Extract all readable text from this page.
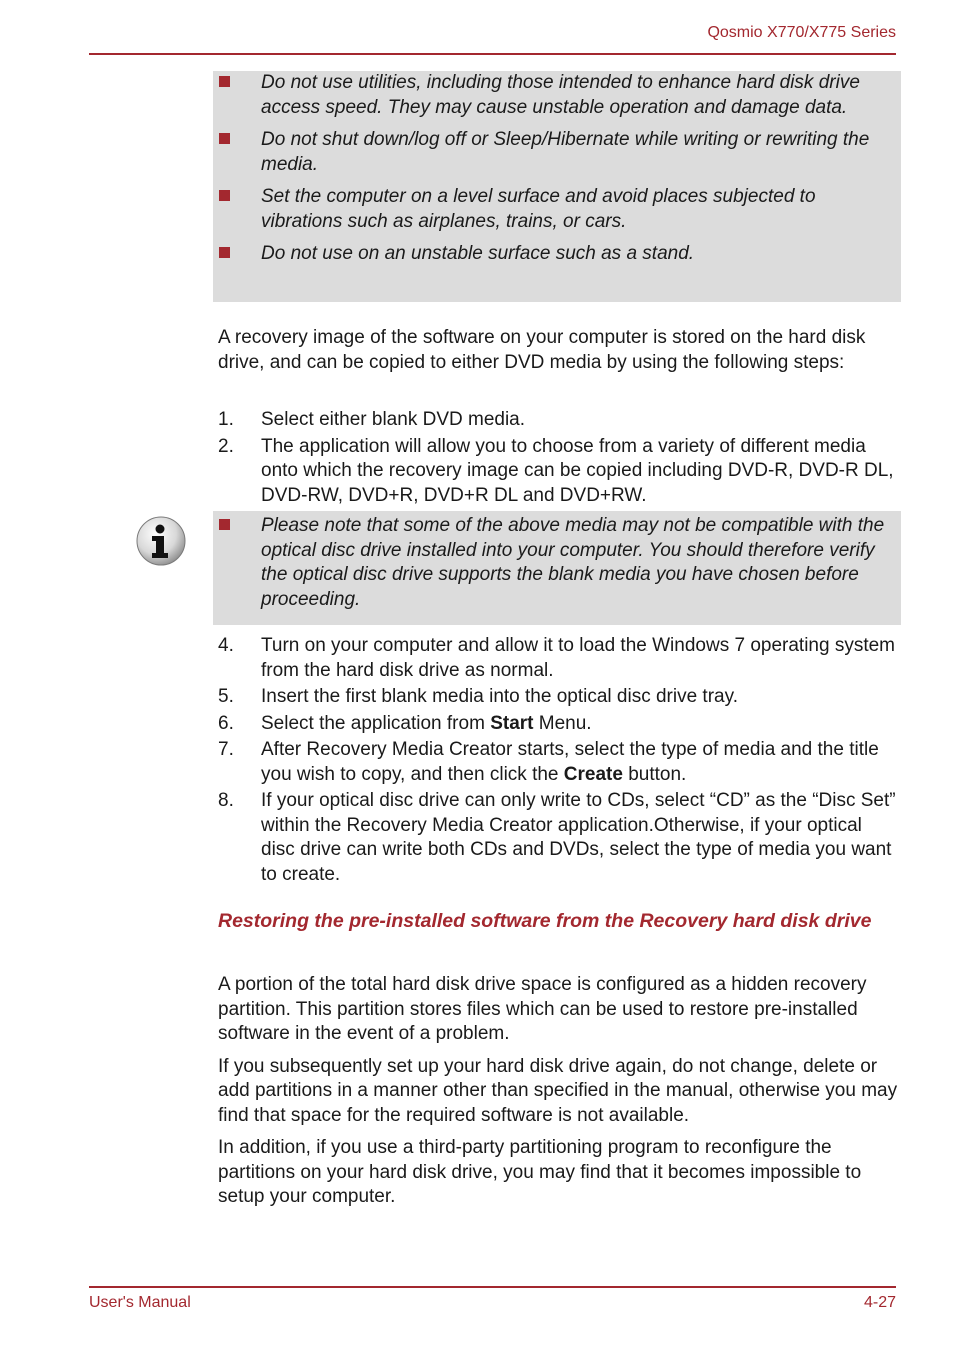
Qosmio X770/X775 Series
Do not use utilities, including those intended to enhance hard disk drive access speed. They may cause unstable operation and damage data.
Do not shut down/log off or Sleep/Hibernate while writing or rewriting the media.
Set the computer on a level surface and avoid places subjected to vibrations such as airplanes, trains, or cars.
Do not use on an unstable surface such as a stand.

A recovery image of the software on your computer is stored on the hard disk drive, and can be copied to either DVD media by using the following steps:

1. Select either blank DVD media.
2. The application will allow you to choose from a variety of different media onto which the recovery image can be copied including DVD-R, DVD-R DL, DVD-RW, DVD+R, DVD+R DL and DVD+RW.
Please note that some of the above media may not be compatible with the optical disc drive installed into your computer. You should therefore verify the optical disc drive supports the blank media you have chosen before proceeding.
4. Turn on your computer and allow it to load the Windows 7 operating system from the hard disk drive as normal.
5. Insert the first blank media into the optical disc drive tray.
6. Select the application from Start Menu.
7. After Recovery Media Creator starts, select the type of media and the title you wish to copy, and then click the Create button.
8. If your optical disc drive can only write to CDs, select “CD” as the “Disc Set” within the Recovery Media Creator application.Otherwise, if your optical disc drive can write both CDs and DVDs, select the type of media you want to create.
Restoring the pre-installed software from the Recovery hard disk drive

A portion of the total hard disk drive space is configured as a hidden recovery partition. This partition stores files which can be used to restore pre-installed software in the event of a problem.

If you subsequently set up your hard disk drive again, do not change, delete or add partitions in a manner other than specified in the manual, otherwise you may find that space for the required software is not available.

In addition, if you use a third-party partitioning program to reconfigure the partitions on your hard disk drive, you may find that it becomes impossible to setup your computer.

User's Manual	4-27
